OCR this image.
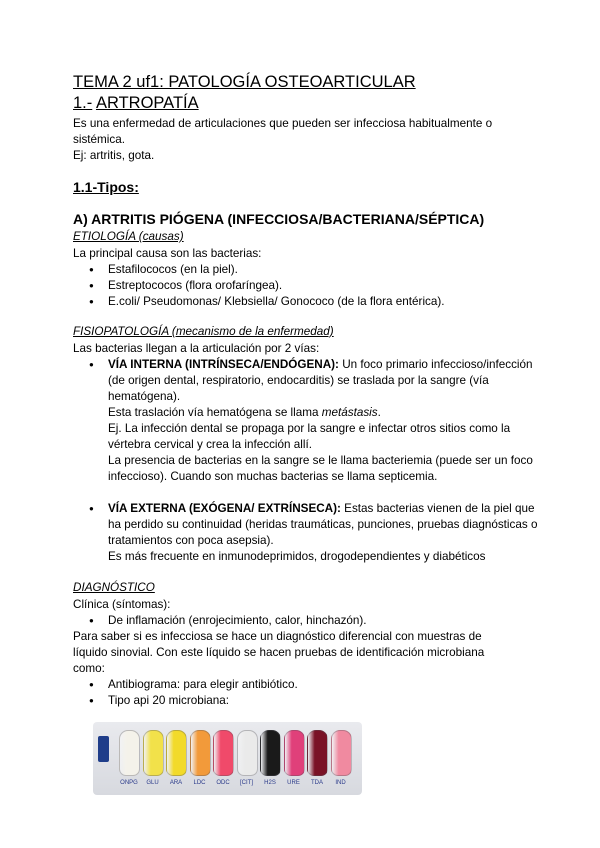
TEMA 2 uf1: PATOLOGÍA OSTEOARTICULAR
1.- ARTROPATÍA
Es una enfermedad de articulaciones que pueden ser infecciosa habitualmente o sistémica.
Ej: artritis, gota.
1.1-Tipos:
A) ARTRITIS PIÓGENA (INFECCIOSA/BACTERIANA/SÉPTICA)
ETIOLOGÍA (causas)
La principal causa son las bacterias:
● Estafilococos (en la piel).
● Estreptococos (flora orofaríngea).
● E.coli/ Pseudomonas/ Klebsiella/ Gonococo (de la flora entérica).
FISIOPATOLOGÍA (mecanismo de la enfermedad)
Las bacterias llegan a la articulación por 2 vías:
● VÍA INTERNA (INTRÍNSECA/ENDÓGENA): Un foco primario infeccioso/infección (de origen dental, respiratorio, endocarditis) se traslada por la sangre (vía hematógena).
Esta traslación vía hematógena se llama metástasis.
Ej. La infección dental se propaga por la sangre e infectar otros sitios como la vértebra cervical y crea la infección allí.
La presencia de bacterias en la sangre se le llama bacteriemia (puede ser un foco infeccioso). Cuando son muchas bacterias se llama septicemia.
● VÍA EXTERNA (EXÓGENA/ EXTRÍNSECA): Estas bacterias vienen de la piel que ha perdido su continuidad (heridas traumáticas, punciones, pruebas diagnósticas o tratamientos con poca asepsia).
Es más frecuente en inmunodeprimidos, drogodependientes y diabéticos
DIAGNÓSTICO
Clínica (síntomas):
● De inflamación (enrojecimiento, calor, hinchazón).
Para saber si es infecciosa se hace un diagnóstico diferencial con muestras de líquido sinovial. Con este líquido se hacen pruebas de identificación microbiana como:
● Antibiograma: para elegir antibiótico.
● Tipo api 20 microbiana:
ONPG	GLU	ARA	LDC	ODC	[CIT]	H2S	URE	TDA	IND
